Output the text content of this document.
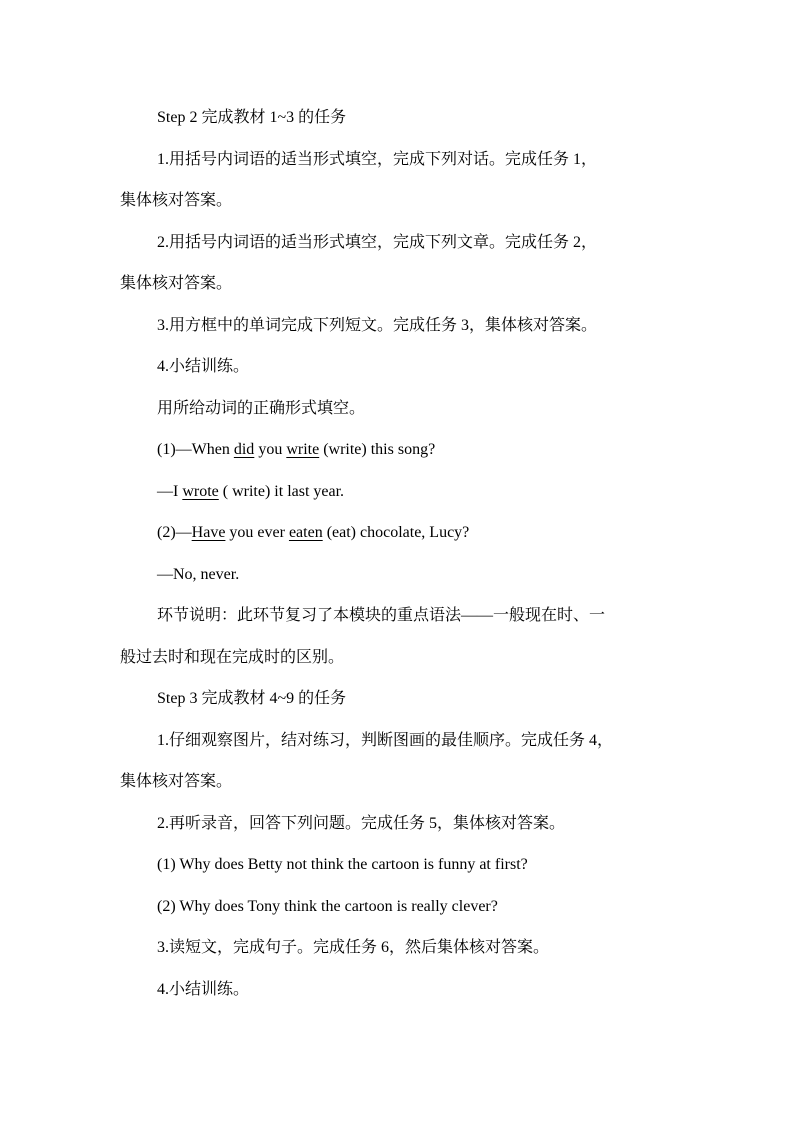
Step 2 完成教材 1~3 的任务
1.用括号内词语的适当形式填空，完成下列对话。完成任务 1，
集体核对答案。
2.用括号内词语的适当形式填空，完成下列文章。完成任务 2，
集体核对答案。
3.用方框中的单词完成下列短文。完成任务 3，集体核对答案。
4.小结训练。
用所给动词的正确形式填空。
(1)—When did you write (write) this song?
—I wrote ( write) it last year.
(2)—Have you ever eaten (eat) chocolate, Lucy?
—No, never.
环节说明：此环节复习了本模块的重点语法——一般现在时、一
般过去时和现在完成时的区别。
Step 3 完成教材 4~9 的任务
1.仔细观察图片，结对练习，判断图画的最佳顺序。完成任务 4，
集体核对答案。
2.再听录音，回答下列问题。完成任务 5，集体核对答案。
(1) Why does Betty not think the cartoon is funny at first?
(2) Why does Tony think the cartoon is really clever?
3.读短文，完成句子。完成任务 6，然后集体核对答案。
4.小结训练。
